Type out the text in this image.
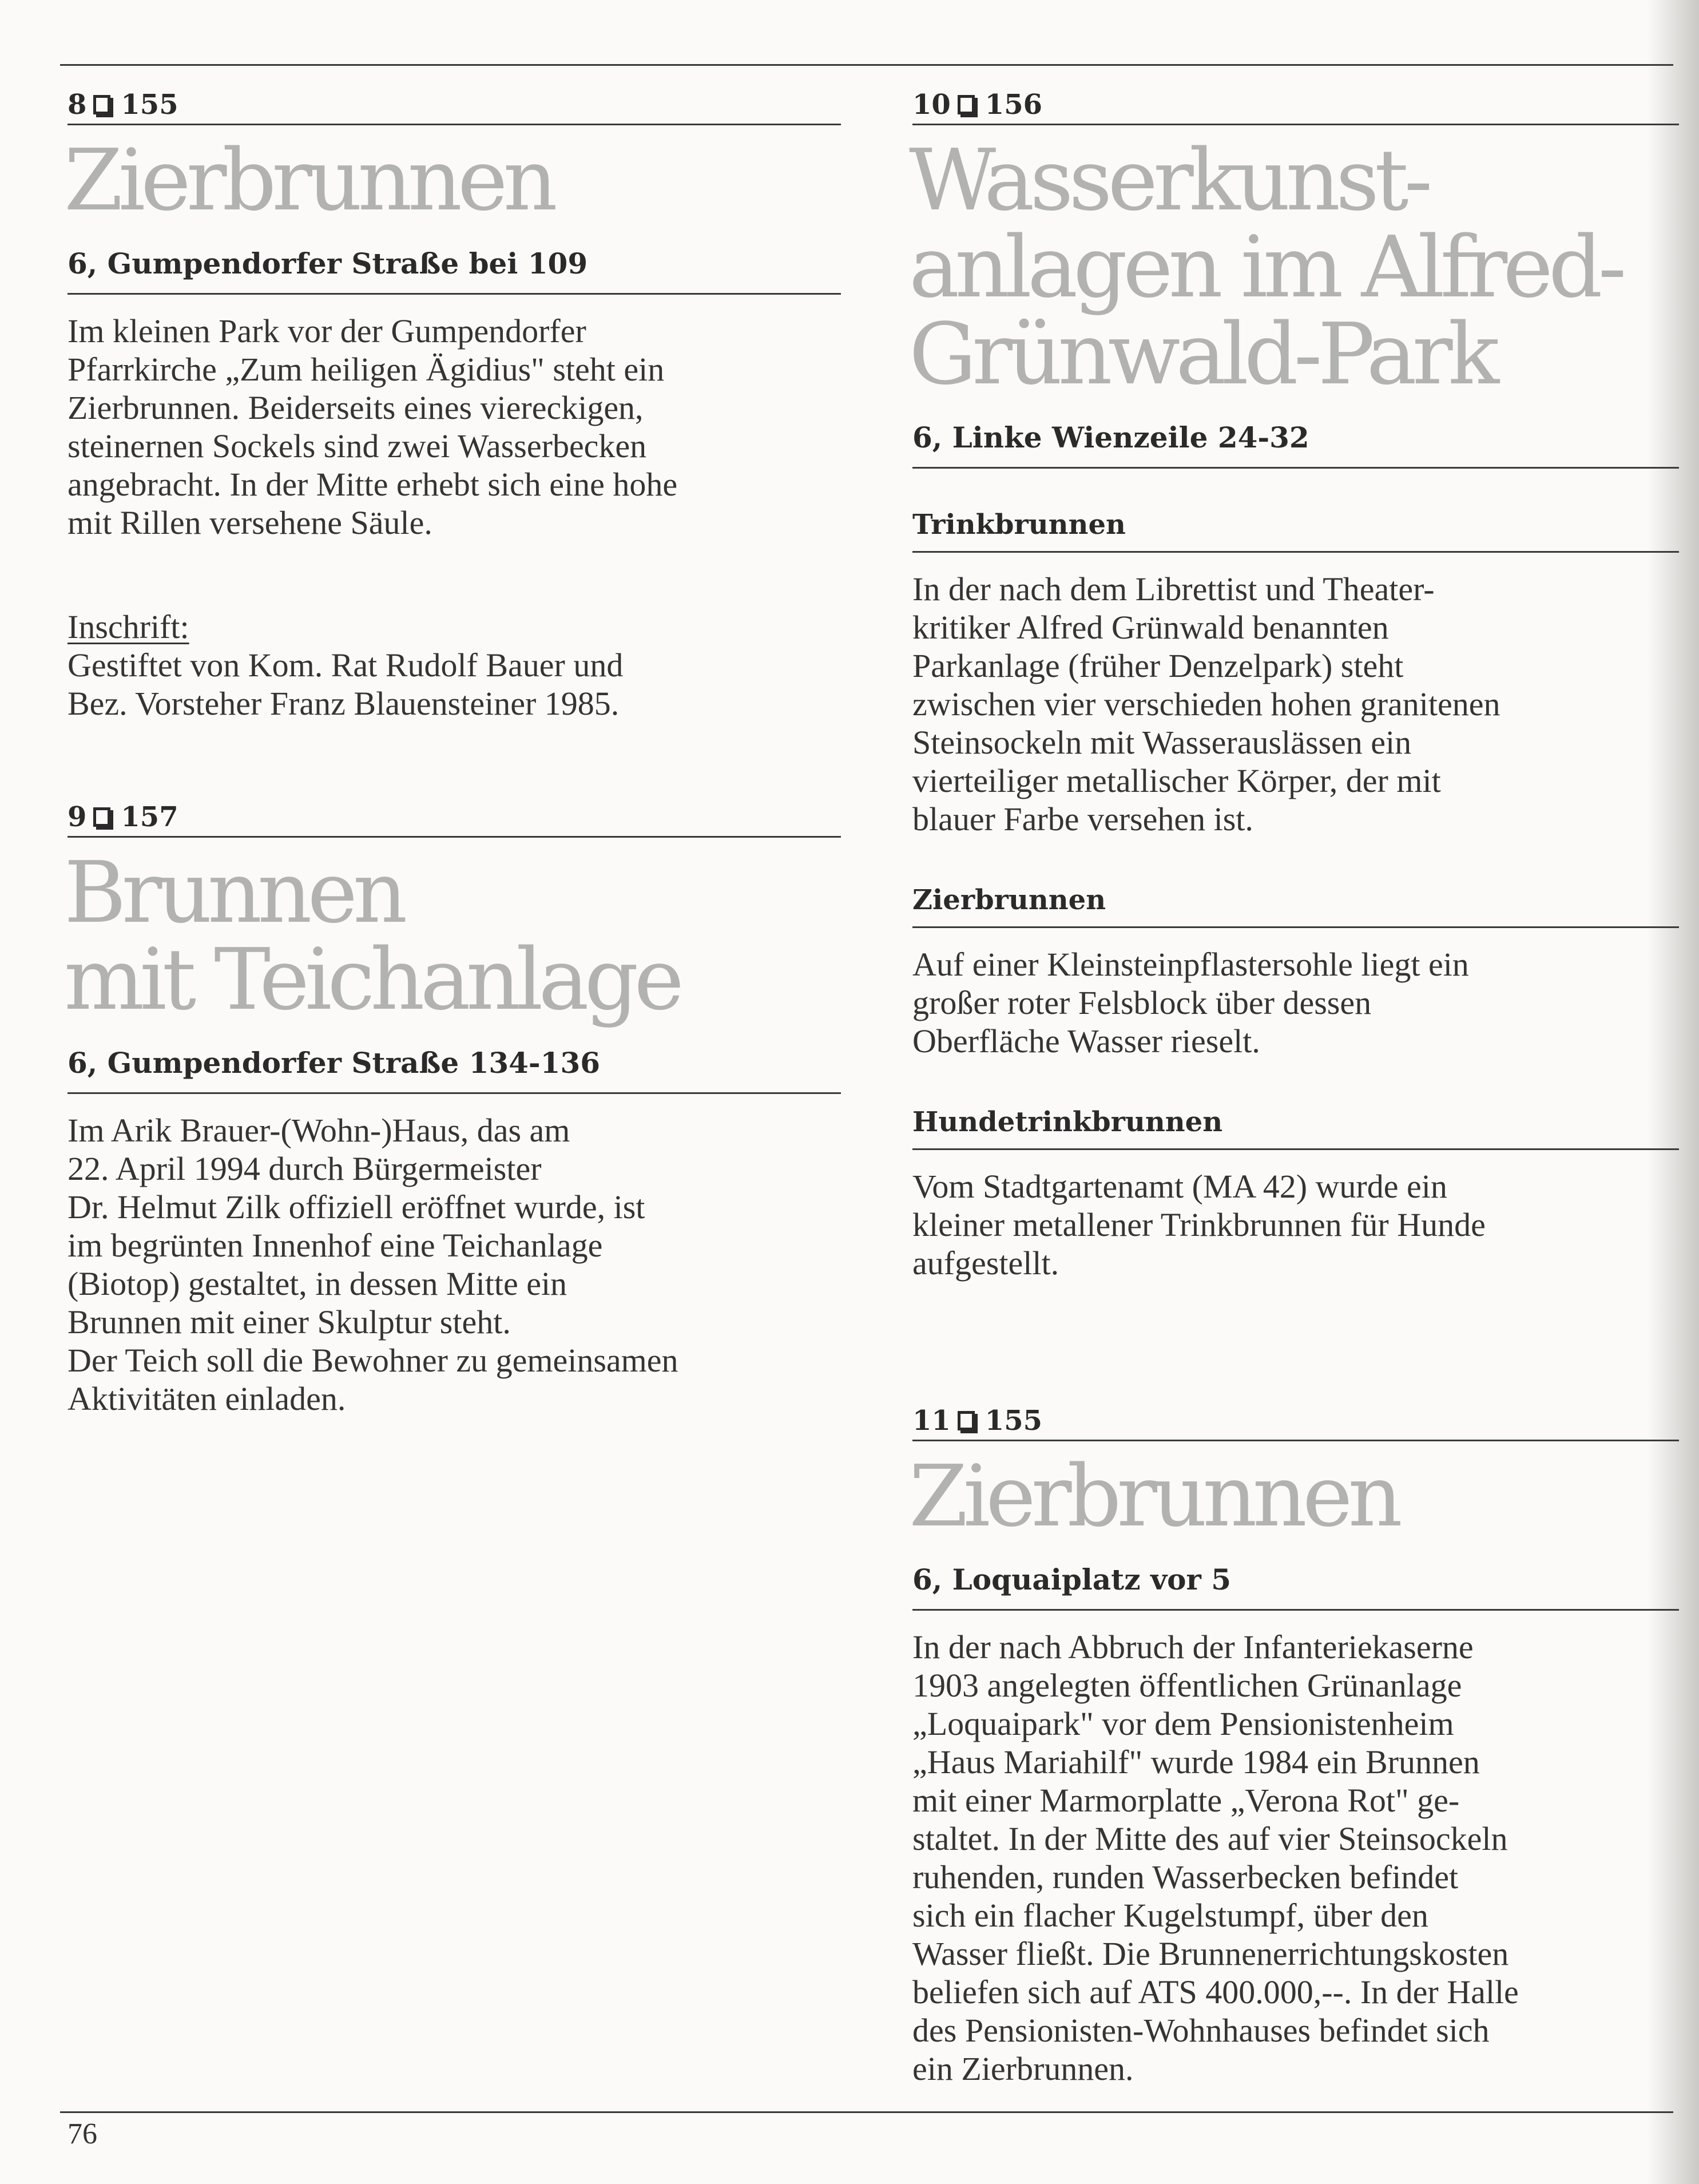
8 155
Zierbrunnen
6, Gumpendorfer Straße bei 109
Im kleinen Park vor der Gumpendorfer
Pfarrkirche „Zum heiligen Ägidius" steht ein
Zierbrunnen. Beiderseits eines viereckigen,
steinernen Sockels sind zwei Wasserbecken
angebracht. In der Mitte erhebt sich eine hohe
mit Rillen versehene Säule.

Inschrift:

Gestiftet von Kom. Rat Rudolf Bauer und
Bez. Vorsteher Franz Blauensteiner 1985.
9 157
Brunnen
mit Teichanlage
6, Gumpendorfer Straße 134-136
Im Arik Brauer-(Wohn-)Haus, das am
22. April 1994 durch Bürgermeister
Dr. Helmut Zilk offiziell eröffnet wurde, ist
im begrünten Innenhof eine Teichanlage
(Biotop) gestaltet, in dessen Mitte ein
Brunnen mit einer Skulptur steht.
Der Teich soll die Bewohner zu gemeinsamen
Aktivitäten einladen.
10 156
Wasserkunst-
anlagen im Alfred-
Grünwald-Park
6, Linke Wienzeile 24-32
Trinkbrunnen
In der nach dem Librettist und Theater-
kritiker Alfred Grünwald benannten
Parkanlage (früher Denzelpark) steht
zwischen vier verschieden hohen granitenen
Steinsockeln mit Wasserauslässen ein
vierteiliger metallischer Körper, der mit
blauer Farbe versehen ist.
Zierbrunnen
Auf einer Kleinsteinpflastersohle liegt ein
großer roter Felsblock über dessen
Oberfläche Wasser rieselt.
Hundetrinkbrunnen
Vom Stadtgartenamt (MA 42) wurde ein
kleiner metallener Trinkbrunnen für Hunde
aufgestellt.
11 155
Zierbrunnen
6, Loquaiplatz vor 5
In der nach Abbruch der Infanteriekaserne
1903 angelegten öffentlichen Grünanlage
„Loquaipark" vor dem Pensionistenheim
„Haus Mariahilf" wurde 1984 ein Brunnen
mit einer Marmorplatte „Verona Rot" ge-
staltet. In der Mitte des auf vier Steinsockeln
ruhenden, runden Wasserbecken befindet
sich ein flacher Kugelstumpf, über den
Wasser fließt. Die Brunnenerrichtungskosten
beliefen sich auf ATS 400.000,--. In der Halle
des Pensionisten-Wohnhauses befindet sich
ein Zierbrunnen.
76
